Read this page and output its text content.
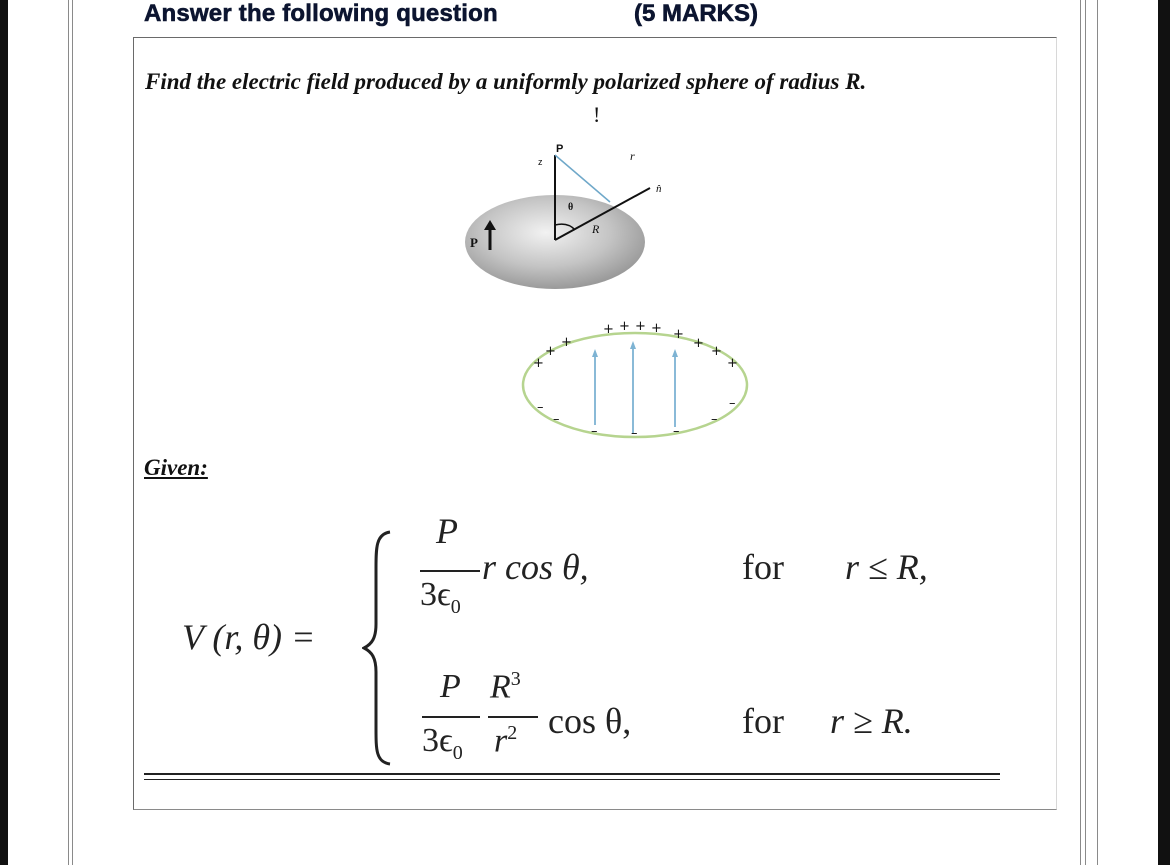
Answer the following question	(5 MARKS)
Find the electric field produced by a uniformly polarized sphere of radius R.
!
P
z	r
n̂
θ
R
P
+++ + + + + ++ ++
–––	–	–– –
Given:
V (r, θ) =
P
$3\epsilon_0$
r cos θ,	for r ≤ R,
P
$3\epsilon_0$
$R^3$
$r^2$ cos θ,	for r ≥ R.
